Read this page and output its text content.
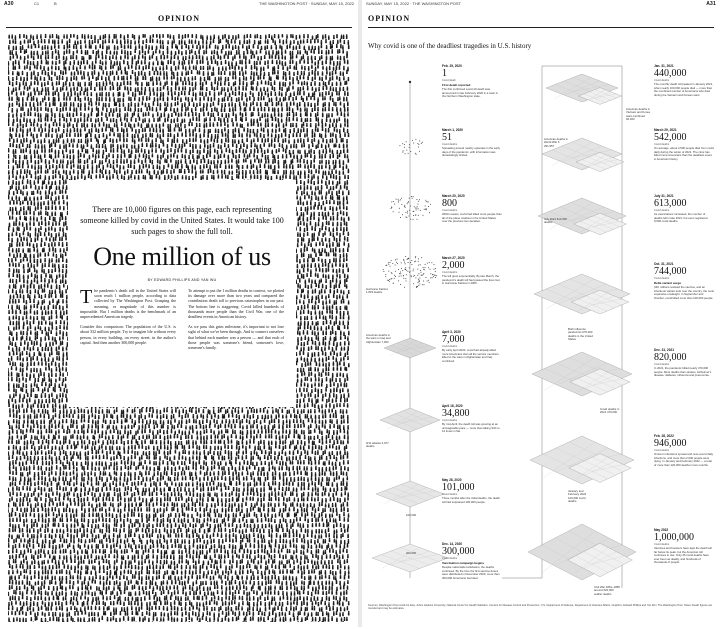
A30	C1	B	THE WASHINGTON POST · SUNDAY, MAY 15, 2022
OPINION
There are 10,000 figures on this page, each representing someone killed by covid in the United States. It would take 100 such pages to show the full toll.
One million of us
BY EDWARD PHILLIPS AND YAN WU

The pandemic's death toll in the United States will soon reach 1 million people, according to data collected by The Washington Post. Grasping the meaning, or magnitude of this number is impossible. But 1 million deaths is the benchmark of an unprecedented American tragedy.

Consider this comparison: The population of the U.S. is about 332 million people. Try to imagine life without every person, in every building, on every street, in the author's capital. And then another 300,000 people.

To attempt to put the 1 million deaths in context, we plotted its damage over more than two years and compared the contribution death toll to previous catastrophes in our past. The bottom line is staggering: Covid killed hundreds of thousands more people than the Civil War, one of the deadliest events in American history.

As we pass this grim milestone, it's important to not lose sight of what we've been through. And to connect ourselves that behind each number was a person — and that each of those people was someone's friend, someone's love, someone's family.

SUNDAY, MAY 15, 2022 · THE WASHINGTON POST	A31
OPINION
Why covid is one of the deadliest tragedies in U.S. history
Feb. 29, 2020
1
Covid death
First death reported
The first confirmed covid-19 death was announced in late February 2020 in a town in the Northern Washington state.
March 1, 2020
51
Covid deaths
Spreading around nearby episodes in the early days of the pandemic, with information was devastatingly limited.
March 20, 2020
800
Covid deaths
Within weeks, covid had killed more people than all of the plane crashes in the United States over the previous two decades.
March 27, 2020
2,000
Covid deaths
The toll grew exponentially. By late March, the pandemic's death toll had passed the lives lost in Hurricane Katrina in 2005.
April 3, 2020
7,000
Covid deaths
By early April 2020, covid had already killed more Americans than all the service members killed in the wars in Afghanistan and Iraq combined.
April 18, 2020
34,800
Covid deaths
By mid-April, the death toll was growing at an unimaginable pace — more than taking 9/11 to 12 times in flat.
May 28, 2020
101,000
Covid deaths
Three months after the initial deaths, the death toll had surpassed 100,000 people.
Dec. 14, 2020
300,000
Covid deaths
Vaccination campaign begins
Despite nationwide lockdowns, the deaths continued. By the time the first vaccine doses were distributed in December 2020, more than 300,000 Americans had died.
Jan. 31, 2021
440,000
Covid deaths
The monthly death toll peaked in January 2021, when nearly 100,000 people died — more than the combined number of Americans who died during the Vietnam and Korean wars.
March 29, 2021
542,000
Covid deaths
On average, about 2,500 people died from covid daily during the winter of 2021. The virus has killed more Americans than the deadliest event in American history.
July 31, 2021
613,000
Covid deaths
As vaccinations increased, the number of deaths fell in late 2021, but even registered 9,600 covid deaths.
Oct. 31, 2021
744,000
Covid deaths
Delta variant surge
Still, millions resisted the vaccine, and an infectious variant took over the country, the most expansive onslaught. In September and October, covid killed more than 100,000 people.
Dec. 31, 2021
820,000
Covid deaths
In 2021, the pandemic killed nearly 470,000 people. More deaths than strokes, Alzheimer's disease, diabetes, influenza and pneumonia.
Feb. 28, 2022
946,000
Covid deaths
Omicron infections spread and new record daily infections, and more than 2,000 people were dying. In January and February 2022 — a total of more than 120,000 deaths in two months.
May 2022
1,000,000
Covid deaths
Vaccines and boosters have kept the death toll far below its peak, but the American toll continues to rise. Only 25 covid deaths have ever been as deadly, and hundreds of thousands of people.
Hurricane Katrina 1,833 deaths
American deaths in the wars in Iraq and Afghanistan 7,000
9/11 attacks 2,977 deaths
100,000
200,000
American deaths in Vietnam and Korea wars combined 94,400
American deaths in World War II 291,557
July 2021 613,000 deaths
Both influenza pandemics 675,000 deaths in the United States
Covid deaths in 2021 470,000
January and February 2022 120,000 covid deaths
Civil War 1861–1865 around 620,000 soldier deaths
Sources: Washington Post covid-19 data, Johns Hopkins University, National Center for Health Statistics, Centers for Disease Control and Prevention, U.S. Department of Defense, Department of Veterans Affairs. Graphics: Edward Phillips and Yan Wu / The Washington Post. Notes: Death figures are rounded and may be estimates.
